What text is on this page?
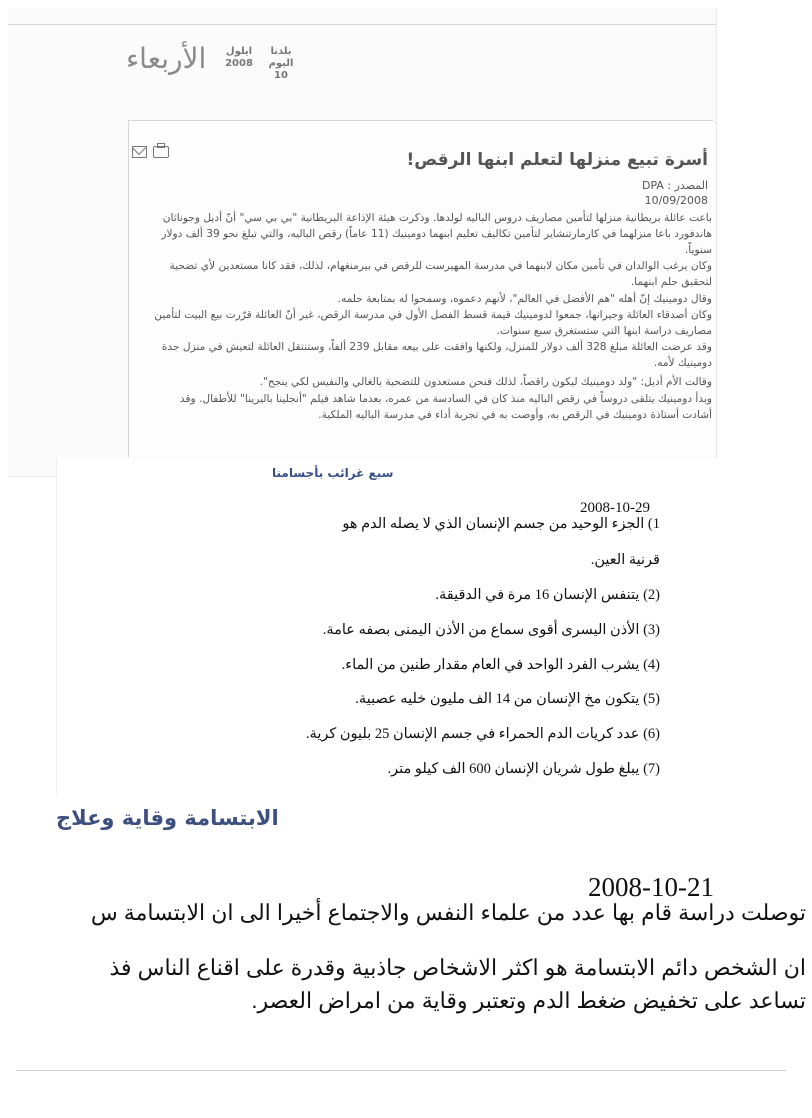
الأربعاء ايلول
2008
بلدنا
اليوم
10
أسرة تبيع منزلها لتعلم ابنها الرقص!
المصدر : DPA
10/09/2008
باعت عائلة بريطانية منزلها لتأمين مصاريف دروس الباليه لولدها. وذكرت هيئة الإذاعة البريطانية "بي بي سي" أنّ أديل وجوناثان
هاندفورد باعا منزلهما في كارمارتنشاير لتأمين تكاليف تعليم ابنهما دومينيك (11 عاماً) رقص الباليه، والتي تبلغ نحو 39 ألف دولار
سنوياً.
وكان يرغب الوالدان في تأمين مكان لابنهما في مدرسة المهيرست للرقص في بيرمنغهام، لذلك، فقد كانا مستعدين لأي تضحية
لتحقيق حلم ابنهما.
وقال دومينيك إنّ أهله "هم الأفضل في العالم"، لأنهم دعموه، وسمحوا له بمتابعة حلمه.
وكان أصدقاء العائلة وجيرانها، جمعوا لدومينيك قيمة قسط الفصل الأول في مدرسة الرقص، غير أنّ العائلة قرّرت بيع البيت لتأمين
مصاريف دراسة ابنها التي ستستغرق سبع سنوات.
وقد عرضت العائلة مبلغ 328 ألف دولار للمنزل، ولكنها وافقت على بيعه مقابل 239 ألفاً، وستنتقل العائلة لتعيش في منزل جدة
دومينيك لأمه.
وقالت الأم أديل: "ولد دومينيك ليكون راقصاً، لذلك فنحن مستعدون للتضحية بالغالي والنفيس لكي ينجح".
وبدأ دومينيك يتلقى دروساً في رقص الباليه منذ كان في السادسة من عمره، بعدما شاهد فيلم "أنجلينا باليرينا" للأطفال. وقد
أشادت أستاذة دومينيك في الرقص به، وأوصت به في تجربة أداء في مدرسة الباليه الملكية.
سبع غرائب بأجسامنا
2008-10-29
1) الجزء الوحيد من جسم الإنسان الذي لا يصله الدم هو
قرنية العين.
(2) يتنفس الإنسان 16 مرة في الدقيقة.
(3) الأذن اليسرى أقوى سماع من الأذن اليمنى بصفه عامة.
(4) يشرب الفرد الواحد في العام مقدار طنين من الماء.
(5) يتكون مخ الإنسان من 14 الف مليون خليه عصبية.
(6) عدد كريات الدم الحمراء في جسم الإنسان 25 بليون كرية.
(7) يبلغ طول شريان الإنسان 600 الف كيلو متر.
الابتسامة وقاية وعلاج
2008-10-21
توصلت دراسة قام بها عدد من علماء النفس والاجتماع أخيرا الى ان الابتسامة س
ان الشخص دائم الابتسامة هو اكثر الاشخاص جاذبية وقدرة على اقناع الناس فذ
تساعد على تخفيض ضغط الدم وتعتبر وقاية من امراض العصر.
